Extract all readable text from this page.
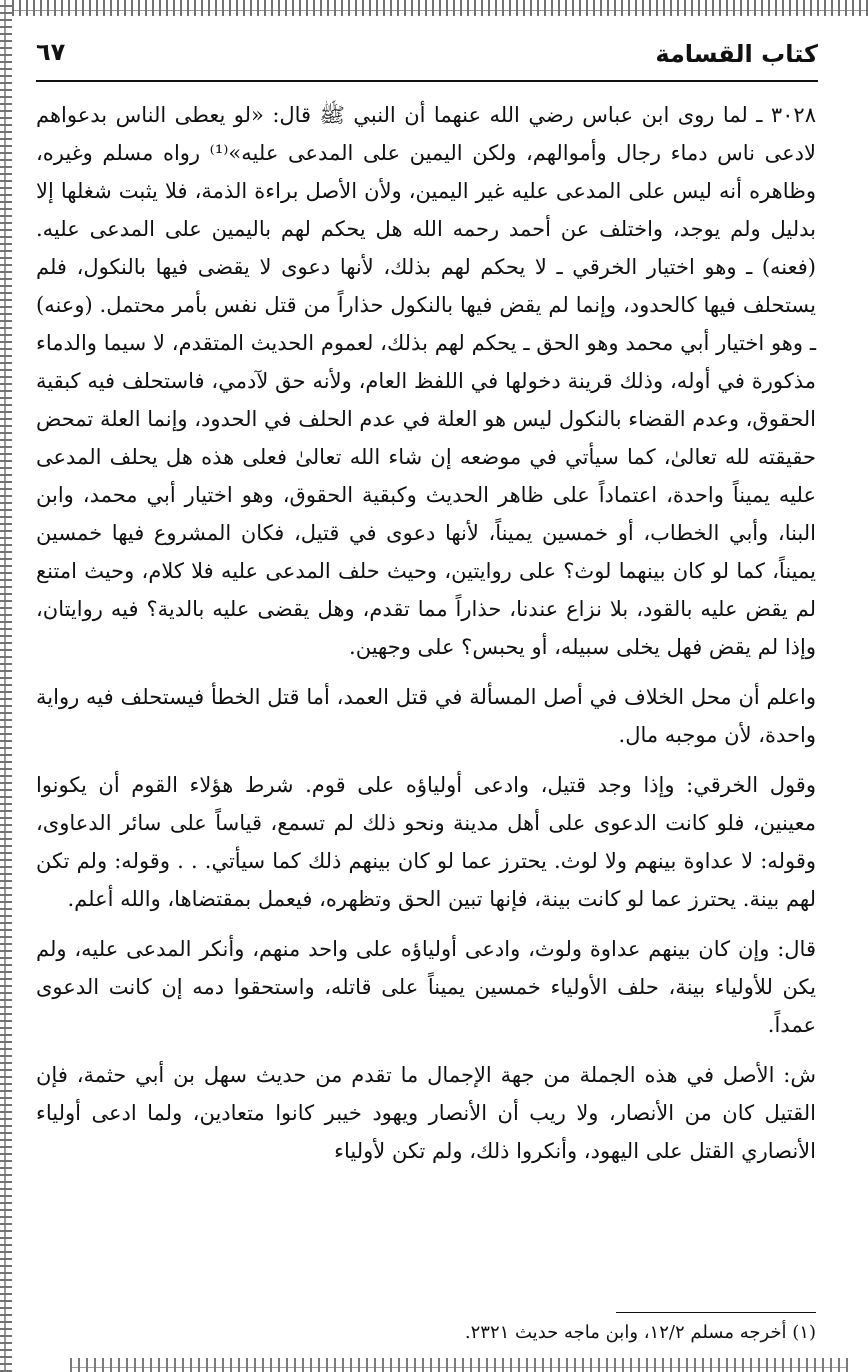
كتاب القسامة
٦٧

٣٠٢٨ ـ لما روى ابن عباس رضي الله عنهما أن النبي ﷺ قال: «لو يعطى الناس بدعواهم لادعى ناس دماء رجال وأموالهم، ولكن اليمين على المدعى عليه»⁽¹⁾ رواه مسلم وغيره، وظاهره أنه ليس على المدعى عليه غير اليمين، ولأن الأصل براءة الذمة، فلا يثبت شغلها إلا بدليل ولم يوجد، واختلف عن أحمد رحمه الله هل يحكم لهم باليمين على المدعى عليه. (فعنه) ـ وهو اختيار الخرقي ـ لا يحكم لهم بذلك، لأنها دعوى لا يقضى فيها بالنكول، فلم يستحلف فيها كالحدود، وإنما لم يقض فيها بالنكول حذاراً من قتل نفس بأمر محتمل. (وعنه) ـ وهو اختيار أبي محمد وهو الحق ـ يحكم لهم بذلك، لعموم الحديث المتقدم، لا سيما والدماء مذكورة في أوله، وذلك قرينة دخولها في اللفظ العام، ولأنه حق لآدمي، فاستحلف فيه كبقية الحقوق، وعدم القضاء بالنكول ليس هو العلة في عدم الحلف في الحدود، وإنما العلة تمحض حقيقته لله تعالىٰ، كما سيأتي في موضعه إن شاء الله تعالىٰ فعلى هذه هل يحلف المدعى عليه يميناً واحدة، اعتماداً على ظاهر الحديث وكبقية الحقوق، وهو اختيار أبي محمد، وابن البنا، وأبي الخطاب، أو خمسين يميناً، لأنها دعوى في قتيل، فكان المشروع فيها خمسين يميناً، كما لو كان بينهما لوث؟ على روايتين، وحيث حلف المدعى عليه فلا كلام، وحيث امتنع لم يقض عليه بالقود، بلا نزاع عندنا، حذاراً مما تقدم، وهل يقضى عليه بالدية؟ فيه روايتان، وإذا لم يقض فهل يخلى سبيله، أو يحبس؟ على وجهين.

واعلم أن محل الخلاف في أصل المسألة في قتل العمد، أما قتل الخطأ فيستحلف فيه رواية واحدة، لأن موجبه مال.

وقول الخرقي: وإذا وجد قتيل، وادعى أولياؤه على قوم. شرط هؤلاء القوم أن يكونوا معينين، فلو كانت الدعوى على أهل مدينة ونحو ذلك لم تسمع، قياساً على سائر الدعاوى، وقوله: لا عداوة بينهم ولا لوث. يحترز عما لو كان بينهم ذلك كما سيأتي. . . وقوله: ولم تكن لهم بينة. يحترز عما لو كانت بينة، فإنها تبين الحق وتظهره، فيعمل بمقتضاها، والله أعلم.

قال: وإن كان بينهم عداوة ولوث، وادعى أولياؤه على واحد منهم، وأنكر المدعى عليه، ولم يكن للأولياء بينة، حلف الأولياء خمسين يميناً على قاتله، واستحقوا دمه إن كانت الدعوى عمداً.

ش: الأصل في هذه الجملة من جهة الإجمال ما تقدم من حديث سهل بن أبي حثمة، فإن القتيل كان من الأنصار، ولا ريب أن الأنصار ويهود خيبر كانوا متعادين، ولما ادعى أولياء الأنصاري القتل على اليهود، وأنكروا ذلك، ولم تكن لأولياء

(١) أخرجه مسلم ١٢/٢، وابن ماجه حديث ٢٣٢١.
